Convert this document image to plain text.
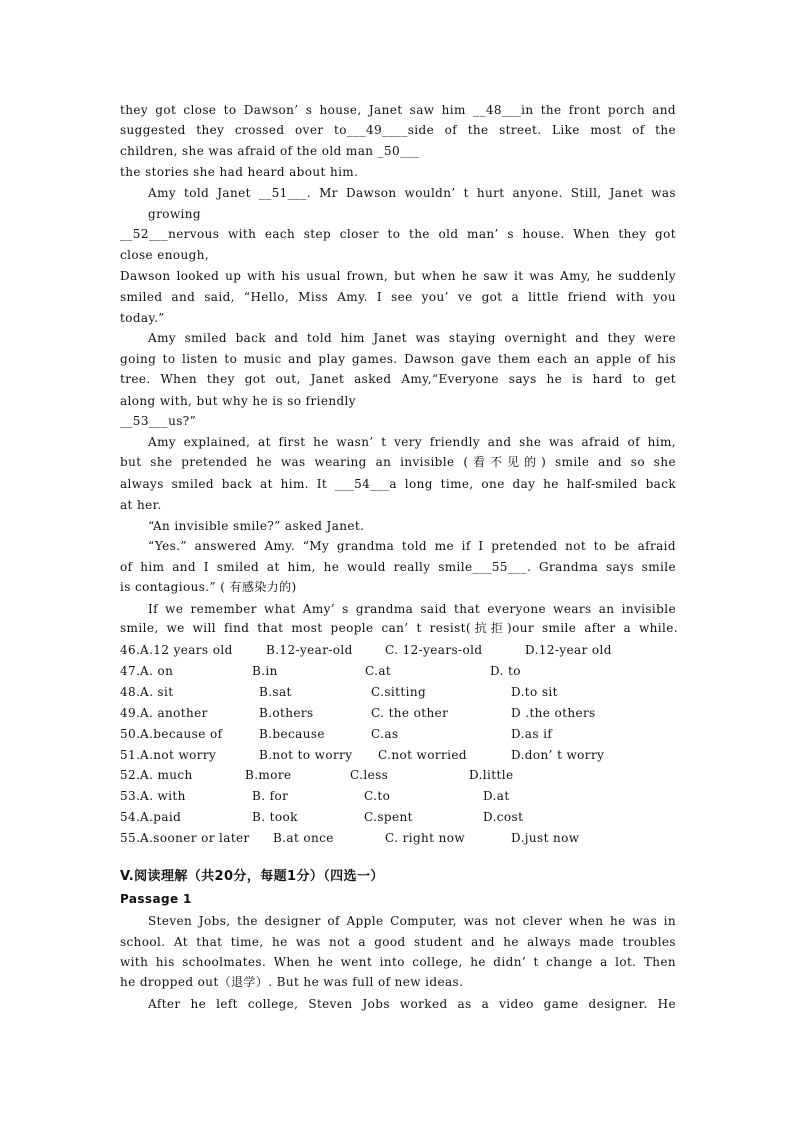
they got close to Dawson’ s house, Janet saw him __48___in the front porch and
suggested they crossed over to___49____side of the street. Like most of the
children, she was afraid of the old man _50___
the stories she had heard about him.
Amy told Janet __51___. Mr Dawson wouldn’ t hurt anyone. Still, Janet was
growing
__52___nervous with each step closer to the old man’ s house. When they got
close enough,
Dawson looked up with his usual frown, but when he saw it was Amy, he suddenly
smiled and said, “Hello, Miss Amy. I see you’ ve got a little friend with you
today.”
Amy smiled back and told him Janet was staying overnight and they were
going to listen to music and play games. Dawson gave them each an apple of his
tree. When they got out, Janet asked Amy,“Everyone says he is hard to get
along with, but why he is so friendly
__53___us?”
Amy explained, at first he wasn’ t very friendly and she was afraid of him,
but she pretended he was wearing an invisible (看不见的) smile and so she
always smiled back at him. It ___54___a long time, one day he half-smiled back
at her.
“An invisible smile?” asked Janet.
“Yes.” answered Amy. “My grandma told me if I pretended not to be afraid
of him and I smiled at him, he would really smile___55___. Grandma says smile
is contagious.” ( 有感染力的)
If we remember what Amy’ s grandma said that everyone wears an invisible
smile, we will find that most people can’ t resist(抗拒)our smile after a while.
46. A.12 years old	B.12-year-old	C. 12-years-old	D.12-year old
47. A. on	B.in	C.at	D. to
48. A. sit	B.sat	C.sitting	D.to sit
49. A. another	B.others	C. the other	D .the others
50. A.because of	B.because	C.as	D.as if
51. A.not worry	B.not to worry C.not worried	D.don’ t worry
52. A. much	B.more	C.less	D.little
53. A. with	B. for	C.to	D.at
54. A.paid	B. took	C.spent	D.cost
55. A.sooner or later B.at once	C. right now	D.just now
V.阅读理解（共20分，每题1分）（四选一）
Passage 1
Steven Jobs, the designer of Apple Computer, was not clever when he was in
school. At that time, he was not a good student and he always made troubles
with his schoolmates. When he went into college, he didn’ t change a lot. Then
he dropped out（退学）. But he was full of new ideas.
After he left college, Steven Jobs worked as a video game designer. He
